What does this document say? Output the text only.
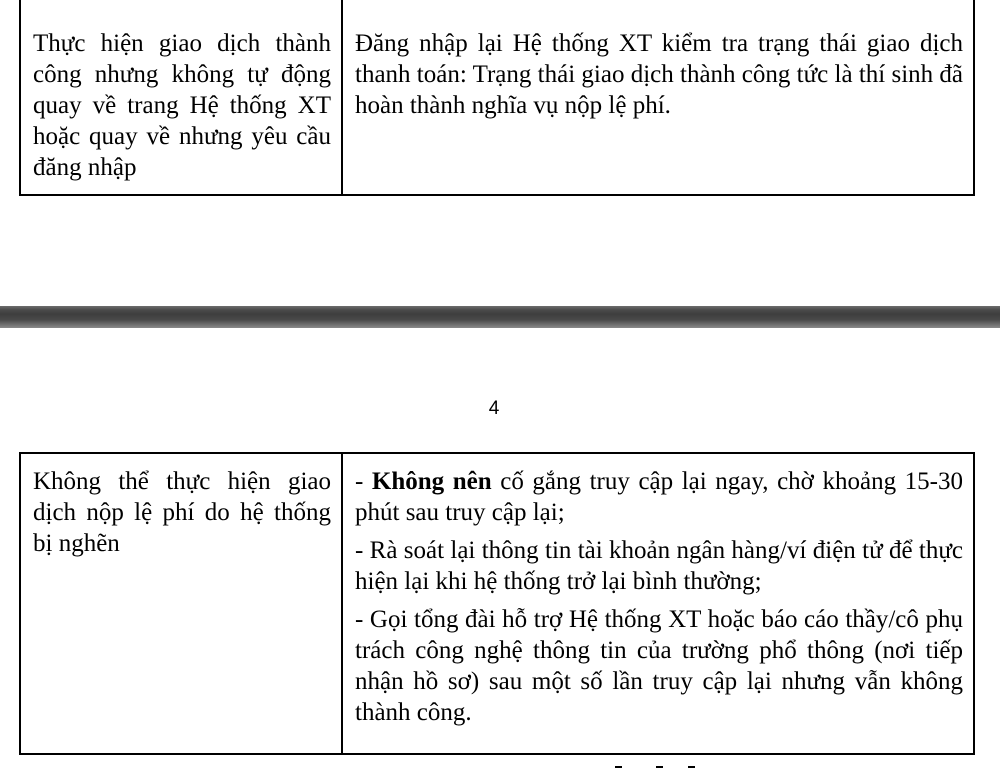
Thực hiện giao dịch thành công nhưng không tự động quay về trang Hệ thống XT hoặc quay về nhưng yêu cầu đăng nhập
Đăng nhập lại Hệ thống XT kiểm tra trạng thái giao dịch thanh toán: Trạng thái giao dịch thành công tức là thí sinh đã hoàn thành nghĩa vụ nộp lệ phí.
4
Không thể thực hiện giao dịch nộp lệ phí do hệ thống bị nghẽn
- Không nên cố gắng truy cập lại ngay, chờ khoảng 15-30 phút sau truy cập lại;
- Rà soát lại thông tin tài khoản ngân hàng/ví điện tử để thực hiện lại khi hệ thống trở lại bình thường;
- Gọi tổng đài hỗ trợ Hệ thống XT hoặc báo cáo thầy/cô phụ trách công nghệ thông tin của trường phổ thông (nơi tiếp nhận hồ sơ) sau một số lần truy cập lại nhưng vẫn không thành công.
